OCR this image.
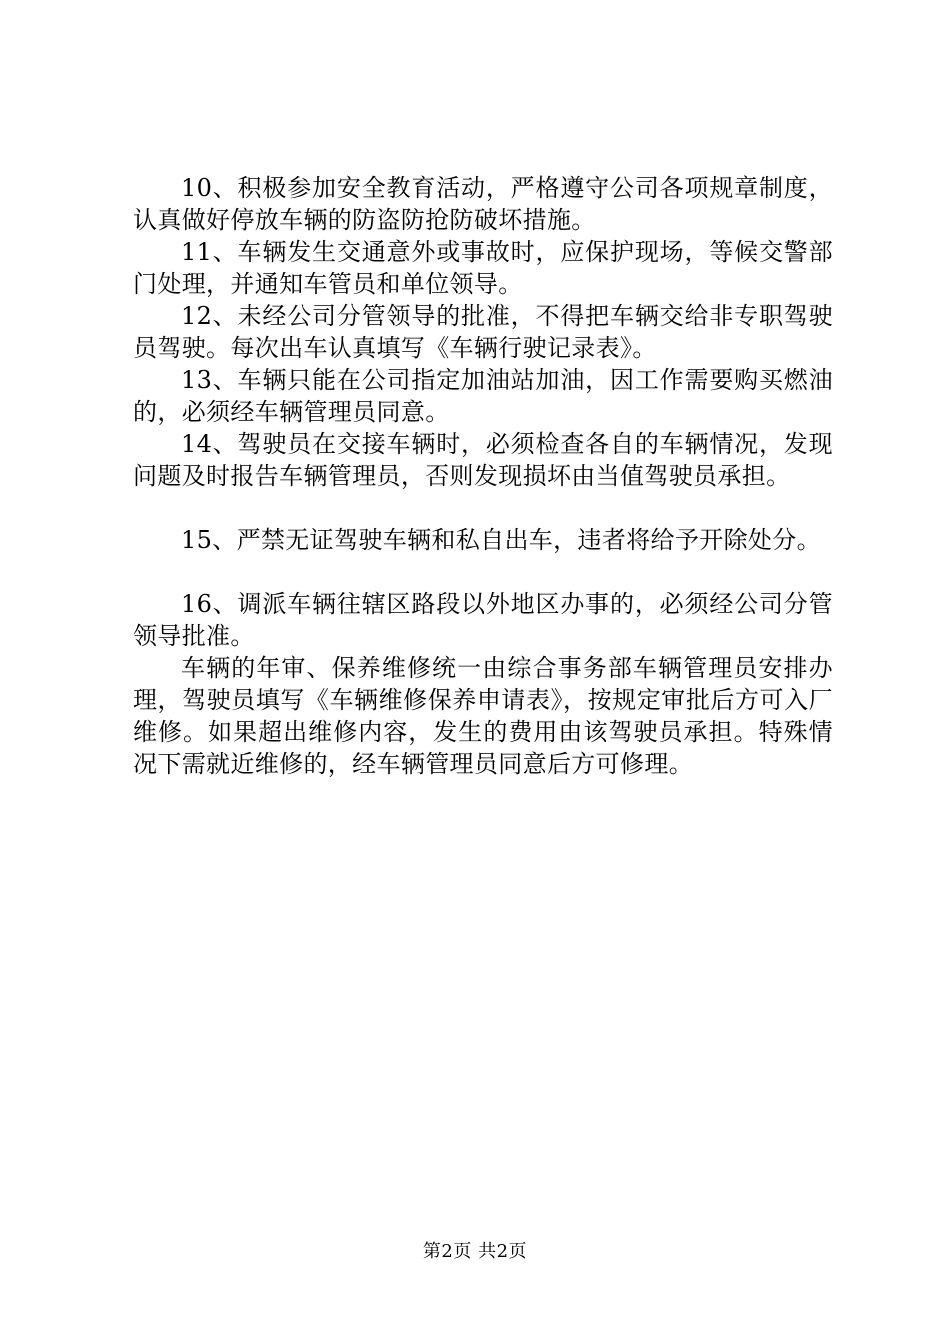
10、积极参加安全教育活动，严格遵守公司各项规章制度，认真做好停放车辆的防盗防抢防破坏措施。

11、车辆发生交通意外或事故时，应保护现场，等候交警部门处理，并通知车管员和单位领导。

12、未经公司分管领导的批准，不得把车辆交给非专职驾驶员驾驶。每次出车认真填写《车辆行驶记录表》。

13、车辆只能在公司指定加油站加油，因工作需要购买燃油的，必须经车辆管理员同意。

14、驾驶员在交接车辆时，必须检查各自的车辆情况，发现问题及时报告车辆管理员，否则发现损坏由当值驾驶员承担。

15、严禁无证驾驶车辆和私自出车，违者将给予开除处分。

16、调派车辆往辖区路段以外地区办事的，必须经公司分管领导批准。

车辆的年审、保养维修统一由综合事务部车辆管理员安排办理，驾驶员填写《车辆维修保养申请表》，按规定审批后方可入厂维修。如果超出维修内容，发生的费用由该驾驶员承担。特殊情况下需就近维修的，经车辆管理员同意后方可修理。

第2页 共2页
